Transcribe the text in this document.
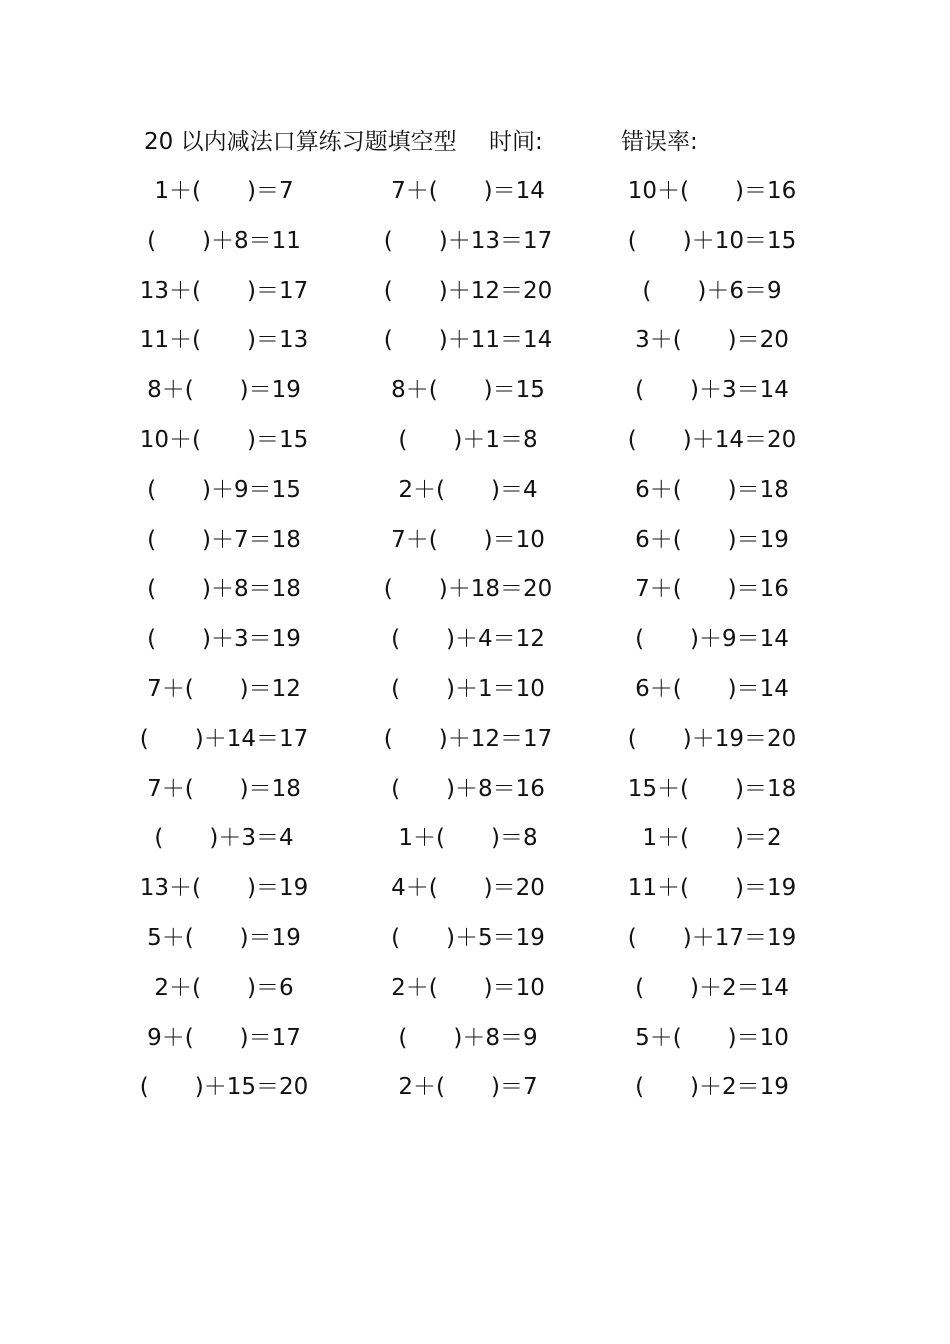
20 以内减法口算练习题填空型 时间:	错误率:
1＋(　　)＝7	7＋(　　)＝14	10＋(　　)＝16
(　　)＋8＝11	(　　)＋13＝17	(　　)＋10＝15
13＋(　　)＝17	(　　)＋12＝20	(　　)＋6＝9
11＋(　　)＝13	(　　)＋11＝14	3＋(　　)＝20
8＋(　　)＝19	8＋(　　)＝15	(　　)＋3＝14
10＋(　　)＝15	(　　)＋1＝8	(　　)＋14＝20
(　　)＋9＝15	2＋(　　)＝4	6＋(　　)＝18
(　　)＋7＝18	7＋(　　)＝10	6＋(　　)＝19
(　　)＋8＝18	(　　)＋18＝20	7＋(　　)＝16
(　　)＋3＝19	(　　)＋4＝12	(　　)＋9＝14
7＋(　　)＝12	(　　)＋1＝10	6＋(　　)＝14
(　　)＋14＝17	(　　)＋12＝17	(　　)＋19＝20
7＋(　　)＝18	(　　)＋8＝16	15＋(　　)＝18
(　　)＋3＝4	1＋(　　)＝8	1＋(　　)＝2
13＋(　　)＝19	4＋(　　)＝20	11＋(　　)＝19
5＋(　　)＝19	(　　)＋5＝19	(　　)＋17＝19
2＋(　　)＝6	2＋(　　)＝10	(　　)＋2＝14
9＋(　　)＝17	(　　)＋8＝9	5＋(　　)＝10
(　　)＋15＝20	2＋(　　)＝7	(　　)＋2＝19
